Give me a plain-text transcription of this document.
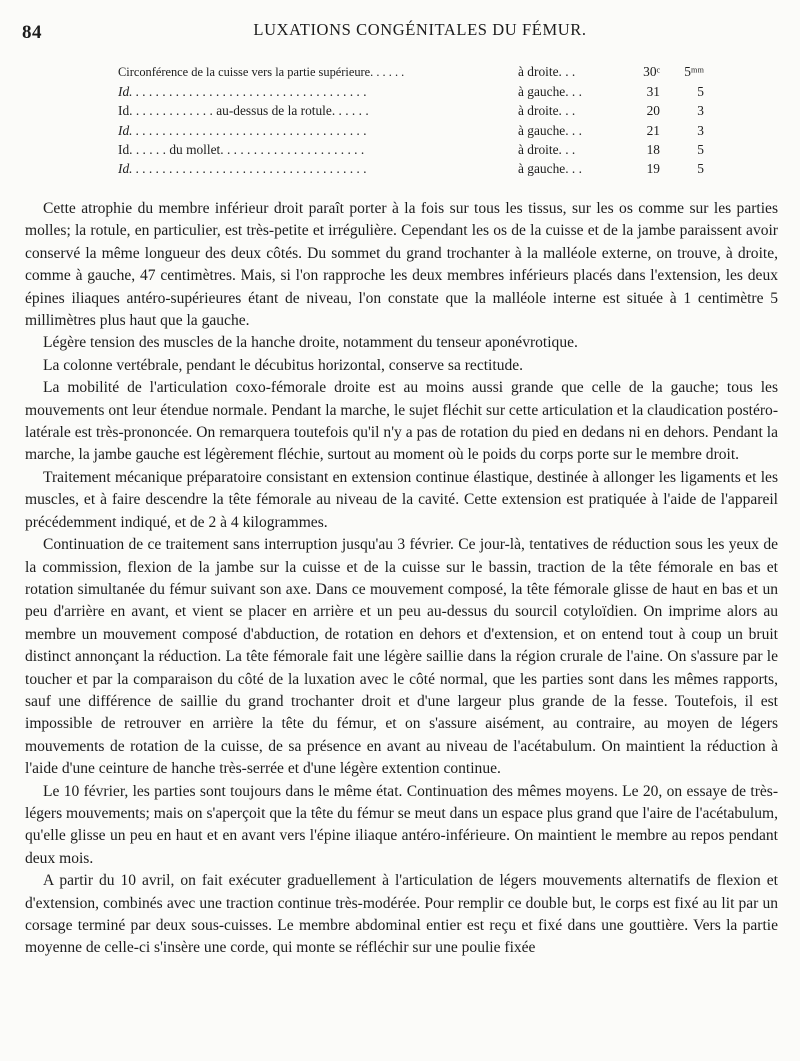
84	LUXATIONS CONGÉNITALES DU FÉMUR.
Circonférence de la cuisse vers la partie supérieure. . . . . .	à droite. . .	30ᶜ	5ᵐᵐ
Id. . . . . . . . . . . . . . . . . . . . . . . . . . . . . . . . . . . .	à gauche. . .	31	5
Id. . . . . . . . . . . . . au-dessus de la rotule. . . . . .	à droite. . .	20	3
Id. . . . . . . . . . . . . . . . . . . . . . . . . . . . . . . . . . . .	à gauche. . .	21	3
Id. . . . . . du mollet. . . . . . . . . . . . . . . . . . . . . .	à droite. . .	18	5
Id. . . . . . . . . . . . . . . . . . . . . . . . . . . . . . . . . . . .	à gauche. . .	19	5

Cette atrophie du membre inférieur droit paraît porter à la fois sur tous les tissus, sur les os comme sur les parties molles; la rotule, en particulier, est très-petite et irrégulière. Cependant les os de la cuisse et de la jambe paraissent avoir conservé la même longueur des deux côtés. Du sommet du grand trochanter à la malléole externe, on trouve, à droite, comme à gauche, 47 centimètres. Mais, si l'on rapproche les deux membres inférieurs placés dans l'extension, les deux épines iliaques antéro-supérieures étant de niveau, l'on constate que la malléole interne est située à 1 centimètre 5 millimètres plus haut que la gauche.

Légère tension des muscles de la hanche droite, notamment du tenseur aponévrotique.

La colonne vertébrale, pendant le décubitus horizontal, conserve sa rectitude.

La mobilité de l'articulation coxo-fémorale droite est au moins aussi grande que celle de la gauche; tous les mouvements ont leur étendue normale. Pendant la marche, le sujet fléchit sur cette articulation et la claudication postéro-latérale est très-prononcée. On remarquera toutefois qu'il n'y a pas de rotation du pied en dedans ni en dehors. Pendant la marche, la jambe gauche est légèrement fléchie, surtout au moment où le poids du corps porte sur le membre droit.

Traitement mécanique préparatoire consistant en extension continue élastique, destinée à allonger les ligaments et les muscles, et à faire descendre la tête fémorale au niveau de la cavité. Cette extension est pratiquée à l'aide de l'appareil précédemment indiqué, et de 2 à 4 kilogrammes.

Continuation de ce traitement sans interruption jusqu'au 3 février. Ce jour-là, tentatives de réduction sous les yeux de la commission, flexion de la jambe sur la cuisse et de la cuisse sur le bassin, traction de la tête fémorale en bas et rotation simultanée du fémur suivant son axe. Dans ce mouvement composé, la tête fémorale glisse de haut en bas et un peu d'arrière en avant, et vient se placer en arrière et un peu au-dessus du sourcil cotyloïdien. On imprime alors au membre un mouvement composé d'abduction, de rotation en dehors et d'extension, et on entend tout à coup un bruit distinct annonçant la réduction. La tête fémorale fait une légère saillie dans la région crurale de l'aine. On s'assure par le toucher et par la comparaison du côté de la luxation avec le côté normal, que les parties sont dans les mêmes rapports, sauf une différence de saillie du grand trochanter droit et d'une largeur plus grande de la fesse. Toutefois, il est impossible de retrouver en arrière la tête du fémur, et on s'assure aisément, au contraire, au moyen de légers mouvements de rotation de la cuisse, de sa présence en avant au niveau de l'acétabulum. On maintient la réduction à l'aide d'une ceinture de hanche très-serrée et d'une légère extention continue.

Le 10 février, les parties sont toujours dans le même état. Continuation des mêmes moyens. Le 20, on essaye de très-légers mouvements; mais on s'aperçoit que la tête du fémur se meut dans un espace plus grand que l'aire de l'acétabulum, qu'elle glisse un peu en haut et en avant vers l'épine iliaque antéro-inférieure. On maintient le membre au repos pendant deux mois.

A partir du 10 avril, on fait exécuter graduellement à l'articulation de légers mouvements alternatifs de flexion et d'extension, combinés avec une traction continue très-modérée. Pour remplir ce double but, le corps est fixé au lit par un corsage terminé par deux sous-cuisses. Le membre abdominal entier est reçu et fixé dans une gouttière. Vers la partie moyenne de celle-ci s'insère une corde, qui monte se réfléchir sur une poulie fixée
